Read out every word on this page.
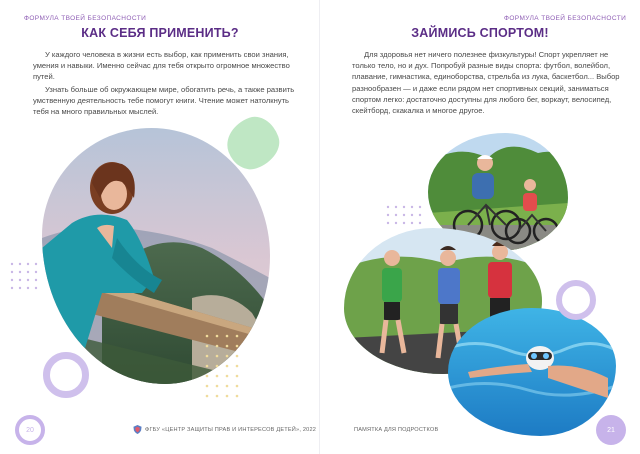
ФОРМУЛА ТВОЕЙ БЕЗОПАСНОСТИ
КАК СЕБЯ ПРИМЕНИТЬ?

У каждого человека в жизни есть выбор, как применить свои знания, умения и навыки. Именно сейчас для тебя открыто огромное множество путей.

Узнать больше об окружающем мире, обогатить речь, а также развить умственную деятельность тебе помогут книги. Чтение может натолкнуть тебя на много правильных мыслей.

20	ФГБУ «ЦЕНТР ЗАЩИТЫ ПРАВ И ИНТЕРЕСОВ ДЕТЕЙ», 2022
ФОРМУЛА ТВОЕЙ БЕЗОПАСНОСТИ
ЗАЙМИСЬ СПОРТОМ!

Для здоровья нет ничего полезнее физкультуры! Спорт укрепляет не только тело, но и дух. Попробуй разные виды спорта: футбол, волейбол, плавание, гимнастика, единоборства, стрельба из лука, баскетбол... Выбор разнообразен — и даже если рядом нет спортивных секций, заниматься спортом легко: достаточно доступны для любого бег, воркаут, велосипед, скейтборд, скакалка и многое другое.

ПАМЯТКА ДЛЯ ПОДРОСТКОВ	21
